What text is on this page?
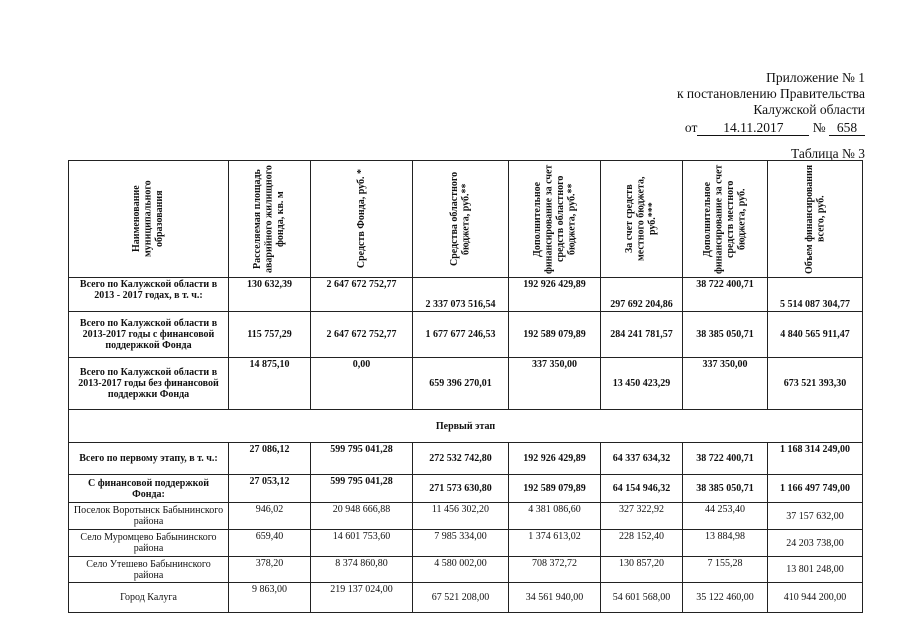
Приложение № 1
к постановлению Правительства
Калужской области
от 14.11.2017 № 658
Таблица № 3
Наименование муниципального образования	Расселяемая площадь аварийного жилищного фонда, кв. м	Средств Фонда, руб. *	Средства областного бюджета, руб.**	Дополнительное финансирование за счет средств областного бюджета, руб.**	За счет средств местного бюджета, руб.***	Дополнительное финансирование за счет средств местного бюджета, руб.	Объем финансирования всего, руб.

Всего по Калужской области в 2013 - 2017 годах, в т. ч.:	130 632,39	2 647 672 752,77	2 337 073 516,54	192 926 429,89	297 692 204,86	38 722 400,71	5 514 087 304,77
Всего по Калужской области в 2013-2017 годы с финансовой поддержкой Фонда	115 757,29	2 647 672 752,77	1 677 677 246,53	192 589 079,89	284 241 781,57	38 385 050,71	4 840 565 911,47
Всего по Калужской области в 2013-2017 годы без финансовой поддержки Фонда	14 875,10	0,00	659 396 270,01	337 350,00	13 450 423,29	337 350,00	673 521 393,30
Первый этап							
Всего по первому этапу, в т. ч.:	27 086,12	599 795 041,28	272 532 742,80	192 926 429,89	64 337 634,32	38 722 400,71	1 168 314 249,00
С финансовой поддержкой Фонда:	27 053,12	599 795 041,28	271 573 630,80	192 589 079,89	64 154 946,32	38 385 050,71	1 166 497 749,00
Поселок Воротынск Бабынинского района	946,02	20 948 666,88	11 456 302,20	4 381 086,60	327 322,92	44 253,40	37 157 632,00
Село Муромцево Бабынинского района	659,40	14 601 753,60	7 985 334,00	1 374 613,02	228 152,40	13 884,98	24 203 738,00
Село Утешево Бабынинского района	378,20	8 374 860,80	4 580 002,00	708 372,72	130 857,20	7 155,28	13 801 248,00
Город Калуга	9 863,00	219 137 024,00	67 521 208,00	34 561 940,00	54 601 568,00	35 122 460,00	410 944 200,00
